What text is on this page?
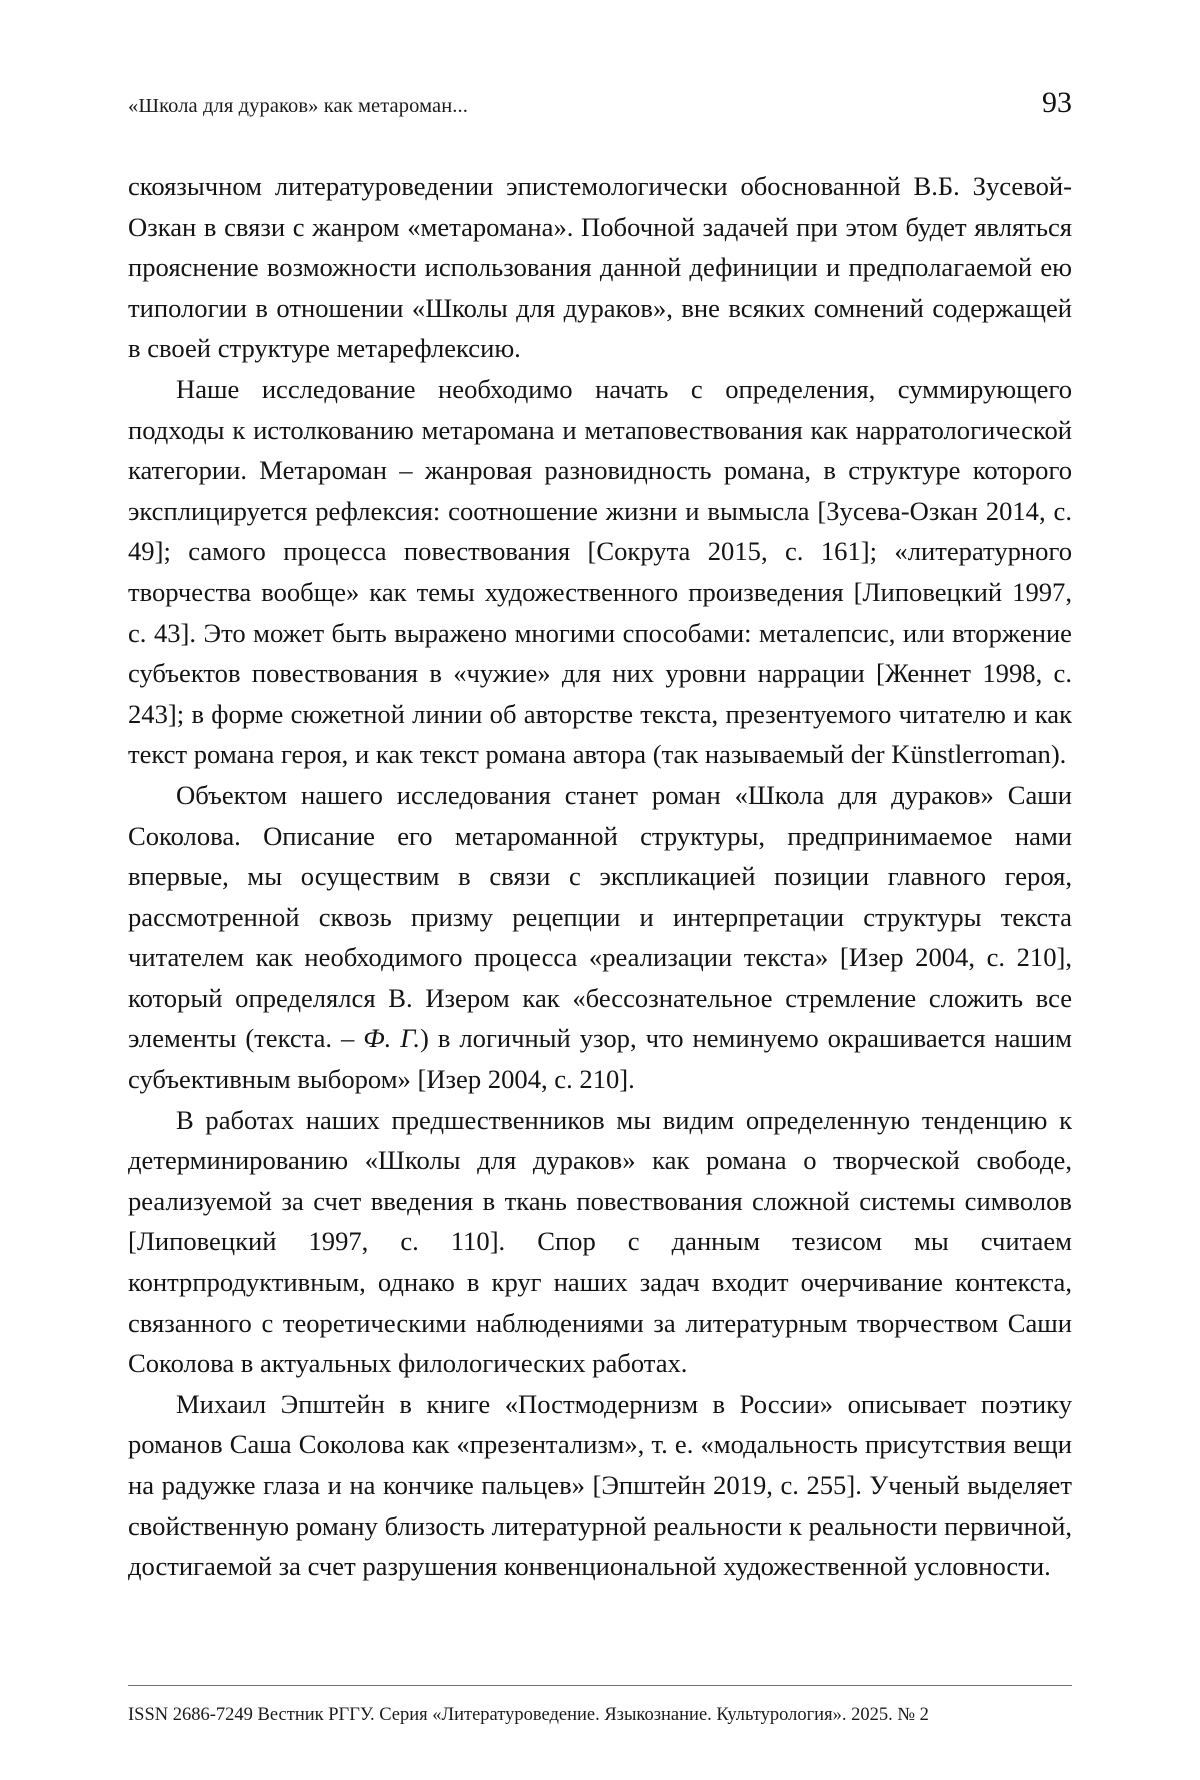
«Школа для дураков» как метароман...	93

скоязычном литературоведении эпистемологически обоснованной В.Б. Зусевой-Озкан в связи с жанром «метаромана». Побочной задачей при этом будет являться прояснение возможности использования данной дефиниции и предполагаемой ею типологии в отношении «Школы для дураков», вне всяких сомнений содержащей в своей структуре метарефлексию.

Наше исследование необходимо начать с определения, суммирующего подходы к истолкованию метаромана и метаповествования как нарратологической категории. Метароман – жанровая разновидность романа, в структуре которого эксплицируется рефлексия: соотношение жизни и вымысла [Зусева-Озкан 2014, с. 49]; самого процесса повествования [Сокрута 2015, с. 161]; «литературного творчества вообще» как темы художественного произведения [Липовецкий 1997, с. 43]. Это может быть выражено многими способами: металепсис, или вторжение субъектов повествования в «чужие» для них уровни наррации [Женнет 1998, с. 243]; в форме сюжетной линии об авторстве текста, презентуемого читателю и как текст романа героя, и как текст романа автора (так называемый der Künstlerroman).

Объектом нашего исследования станет роман «Школа для дураков» Саши Соколова. Описание его метароманной структуры, предпринимаемое нами впервые, мы осуществим в связи с экспликацией позиции главного героя, рассмотренной сквозь призму рецепции и интерпретации структуры текста читателем как необходимого процесса «реализации текста» [Изер 2004, с. 210], который определялся В. Изером как «бессознательное стремление сложить все элементы (текста. – Ф. Г.) в логичный узор, что неминуемо окрашивается нашим субъективным выбором» [Изер 2004, с. 210].

В работах наших предшественников мы видим определенную тенденцию к детерминированию «Школы для дураков» как романа о творческой свободе, реализуемой за счет введения в ткань повествования сложной системы символов [Липовецкий 1997, с. 110]. Спор с данным тезисом мы считаем контрпродуктивным, однако в круг наших задач входит очерчивание контекста, связанного с теоретическими наблюдениями за литературным творчеством Саши Соколова в актуальных филологических работах.

Михаил Эпштейн в книге «Постмодернизм в России» описывает поэтику романов Саша Соколова как «презентализм», т. е. «модальность присутствия вещи на радужке глаза и на кончике пальцев» [Эпштейн 2019, с. 255]. Ученый выделяет свойственную роману близость литературной реальности к реальности первичной, достигаемой за счет разрушения конвенциональной художественной условности.

ISSN 2686-7249 Вестник РГГУ. Серия «Литературоведение. Языкознание. Культурология». 2025. № 2
